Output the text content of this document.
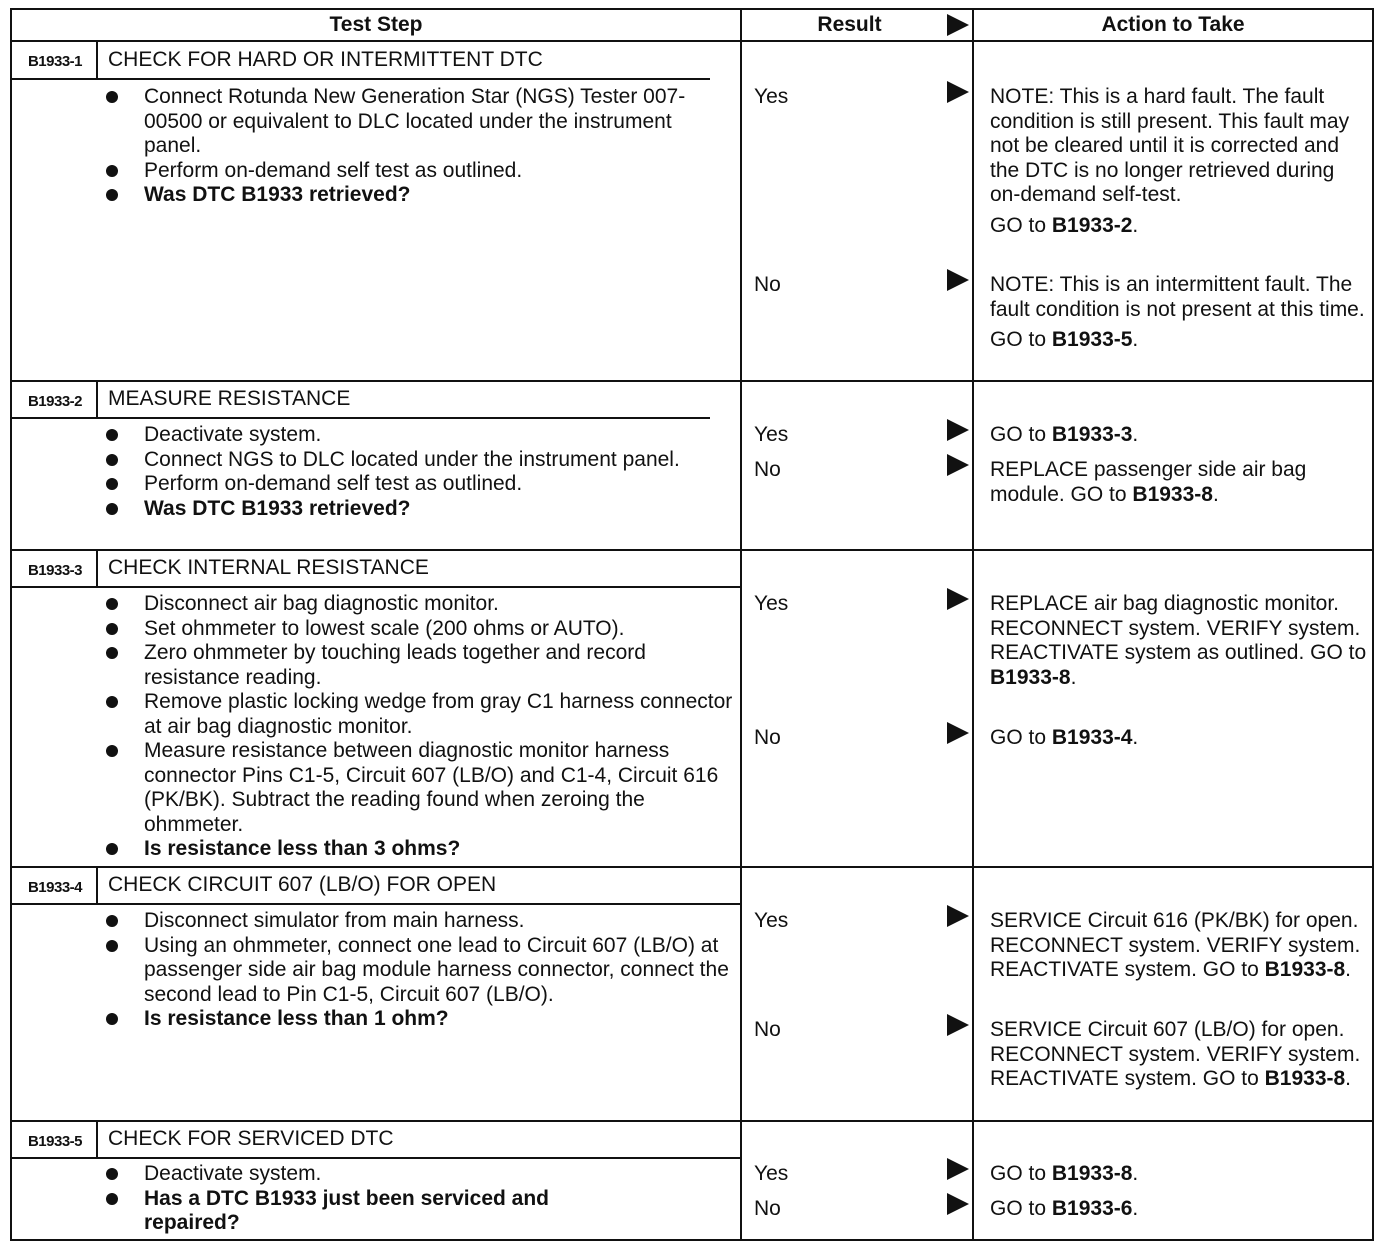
Test Step	Result	Action to Take
B1933-1	CHECK FOR HARD OR INTERMITTENT DTC
Connect Rotunda New Generation Star (NGS) Tester 007-00500 or equivalent to DLC located under the instrument panel.
Perform on-demand self test as outlined.
Was DTC B1933 retrieved?
Yes	NOTE: This is a hard fault. The fault condition is still present. This fault may not be cleared until it is corrected and the DTC is no longer retrieved during on-demand self-test.
GO to B1933-2.
No	NOTE: This is an intermittent fault. The fault condition is not present at this time.
GO to B1933-5.
B1933-2	MEASURE RESISTANCE
Deactivate system.
Connect NGS to DLC located under the instrument panel.
Perform on-demand self test as outlined.
Was DTC B1933 retrieved?
Yes	GO to B1933-3.
No	REPLACE passenger side air bag module. GO to B1933-8.
B1933-3	CHECK INTERNAL RESISTANCE
Disconnect air bag diagnostic monitor.
Set ohmmeter to lowest scale (200 ohms or AUTO).
Zero ohmmeter by touching leads together and record resistance reading.
Remove plastic locking wedge from gray C1 harness connector at air bag diagnostic monitor.
Measure resistance between diagnostic monitor harness connector Pins C1-5, Circuit 607 (LB/O) and C1-4, Circuit 616 (PK/BK). Subtract the reading found when zeroing the ohmmeter.
Is resistance less than 3 ohms?
Yes	REPLACE air bag diagnostic monitor. RECONNECT system. VERIFY system. REACTIVATE system as outlined. GO to B1933-8.
No	GO to B1933-4.
B1933-4	CHECK CIRCUIT 607 (LB/O) FOR OPEN
Disconnect simulator from main harness.
Using an ohmmeter, connect one lead to Circuit 607 (LB/O) at passenger side air bag module harness connector, connect the second lead to Pin C1-5, Circuit 607 (LB/O).
Is resistance less than 1 ohm?
Yes	SERVICE Circuit 616 (PK/BK) for open. RECONNECT system. VERIFY system. REACTIVATE system. GO to B1933-8.
No	SERVICE Circuit 607 (LB/O) for open. RECONNECT system. VERIFY system. REACTIVATE system. GO to B1933-8.
B1933-5	CHECK FOR SERVICED DTC
Deactivate system.
Has a DTC B1933 just been serviced and repaired?
Yes	GO to B1933-8.
No	GO to B1933-6.
